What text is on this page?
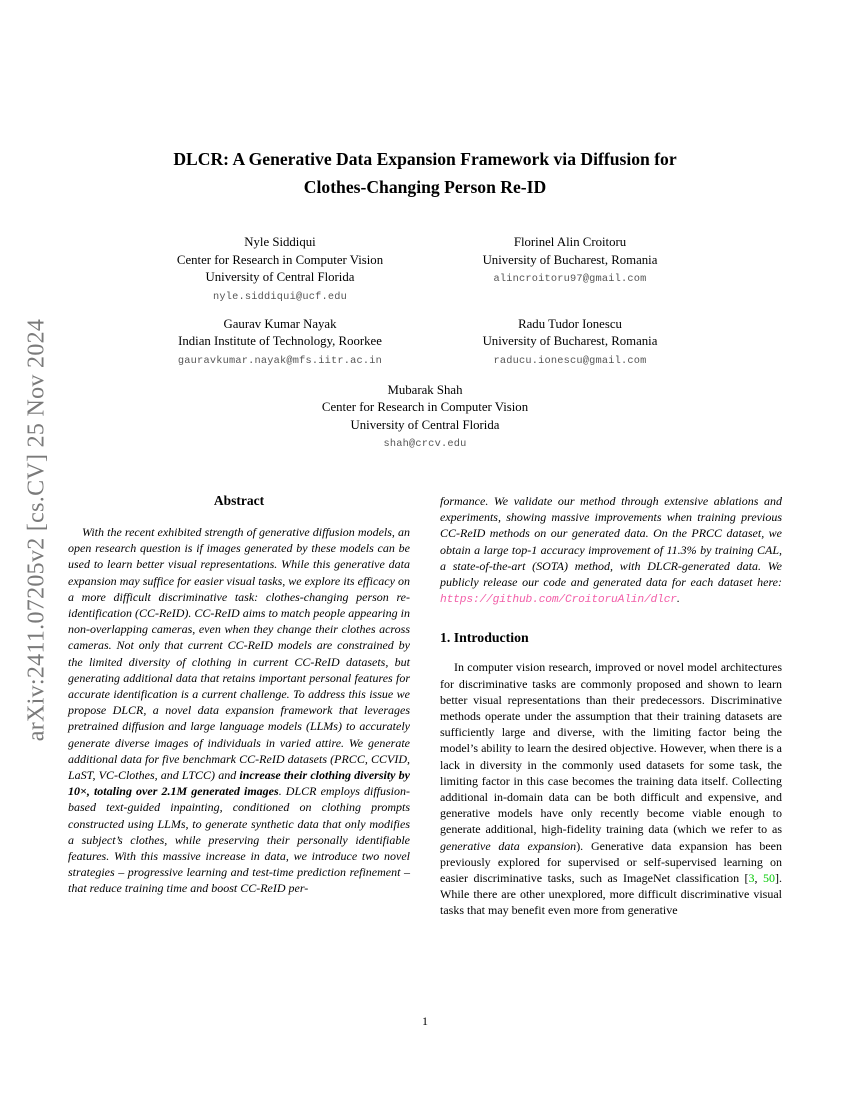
arXiv:2411.07205v2 [cs.CV] 25 Nov 2024
DLCR: A Generative Data Expansion Framework via Diffusion for
Clothes-Changing Person Re-ID
Nyle Siddiqui
Center for Research in Computer Vision
University of Central Florida
nyle.siddiqui@ucf.edu
Florinel Alin Croitoru
University of Bucharest, Romania
alincroitoru97@gmail.com
Gaurav Kumar Nayak
Indian Institute of Technology, Roorkee
gauravkumar.nayak@mfs.iitr.ac.in
Radu Tudor Ionescu
University of Bucharest, Romania
raducu.ionescu@gmail.com
Mubarak Shah
Center for Research in Computer Vision
University of Central Florida
shah@crcv.edu
Abstract

With the recent exhibited strength of generative diffusion models, an open research question is if images generated by these models can be used to learn better visual representations. While this generative data expansion may suffice for easier visual tasks, we explore its efficacy on a more difficult discriminative task: clothes-changing person re-identification (CC-ReID). CC-ReID aims to match people appearing in non-overlapping cameras, even when they change their clothes across cameras. Not only that current CC-ReID models are constrained by the limited diversity of clothing in current CC-ReID datasets, but generating additional data that retains important personal features for accurate identification is a current challenge. To address this issue we propose DLCR, a novel data expansion framework that leverages pretrained diffusion and large language models (LLMs) to accurately generate diverse images of individuals in varied attire. We generate additional data for five benchmark CC-ReID datasets (PRCC, CCVID, LaST, VC-Clothes, and LTCC) and increase their clothing diversity by 10×, totaling over 2.1M generated images. DLCR employs diffusion-based text-guided inpainting, conditioned on clothing prompts constructed using LLMs, to generate synthetic data that only modifies a subject’s clothes, while preserving their personally identifiable features. With this massive increase in data, we introduce two novel strategies – progressive learning and test-time prediction refinement – that reduce training time and boost CC-ReID per-

formance. We validate our method through extensive ablations and experiments, showing massive improvements when training previous CC-ReID methods on our generated data. On the PRCC dataset, we obtain a large top-1 accuracy improvement of 11.3% by training CAL, a state-of-the-art (SOTA) method, with DLCR-generated data. We publicly release our code and generated data for each dataset here: https://github.com/CroitoruAlin/dlcr.

1. Introduction

In computer vision research, improved or novel model architectures for discriminative tasks are commonly proposed and shown to learn better visual representations than their predecessors. Discriminative methods operate under the assumption that their training datasets are sufficiently large and diverse, with the limiting factor being the model’s ability to learn the desired objective. However, when there is a lack in diversity in the commonly used datasets for some task, the limiting factor in this case becomes the training data itself. Collecting additional in-domain data can be both difficult and expensive, and generative models have only recently become viable enough to generate additional, high-fidelity training data (which we refer to as generative data expansion). Generative data expansion has been previously explored for supervised or self-supervised learning on easier discriminative tasks, such as ImageNet classification [3, 50]. While there are other unexplored, more difficult discriminative visual tasks that may benefit even more from generative

1
